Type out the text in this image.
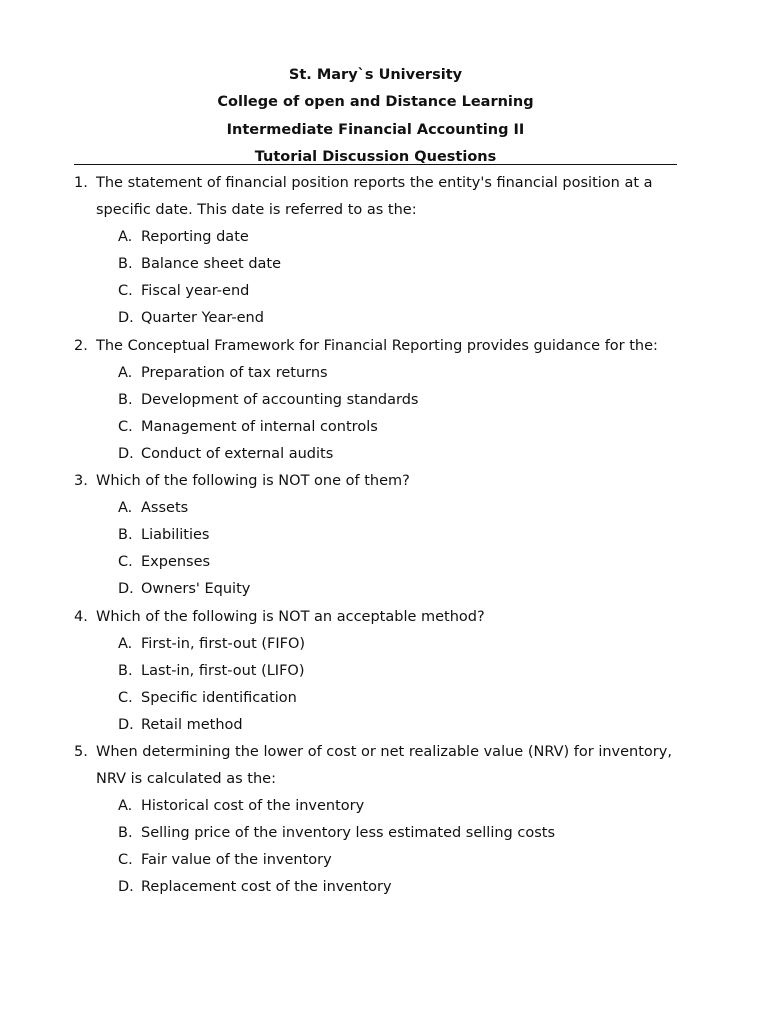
St. Mary`s University
College of open and Distance Learning
Intermediate Financial Accounting II
Tutorial Discussion Questions
1. The statement of financial position reports the entity's financial position at a specific date. This date is referred to as the:
A. Reporting date
B. Balance sheet date
C. Fiscal year-end
D. Quarter Year-end
2. The Conceptual Framework for Financial Reporting provides guidance for the:
A. Preparation of tax returns
B. Development of accounting standards
C. Management of internal controls
D. Conduct of external audits
3. Which of the following is NOT one of them?
A. Assets
B. Liabilities
C. Expenses
D. Owners' Equity
4. Which of the following is NOT an acceptable method?
A. First-in, first-out (FIFO)
B. Last-in, first-out (LIFO)
C. Specific identification
D. Retail method
5. When determining the lower of cost or net realizable value (NRV) for inventory, NRV is calculated as the:
A. Historical cost of the inventory
B. Selling price of the inventory less estimated selling costs
C. Fair value of the inventory
D. Replacement cost of the inventory
